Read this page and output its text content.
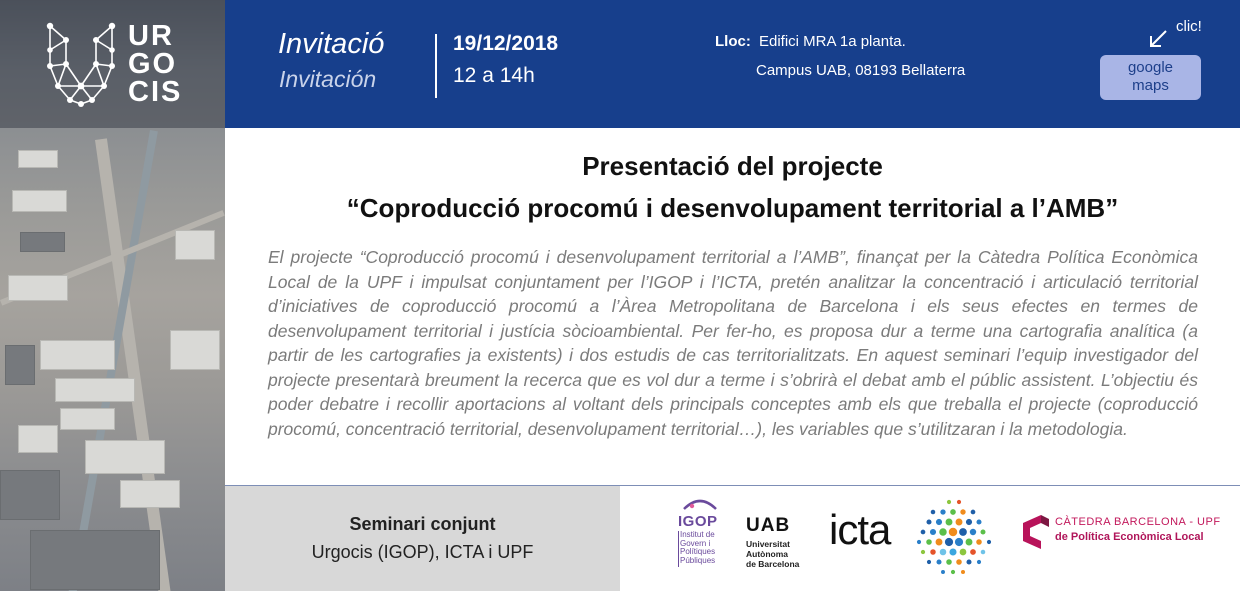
UR
GO
CIS
Invitació
Invitación
19/12/2018
12 a 14h
Lloc: Edifici MRA 1a planta.
Campus UAB, 08193 Bellaterra
clic!
google
maps
Presentació del projecte
“Coproducció procomú i desenvolupament territorial a l’AMB”
El projecte “Coproducció procomú i desenvolupament territorial a l’AMB”, finançat per la Càtedra Política Econòmica Local de la UPF i impulsat conjuntament per l’IGOP i l’ICTA, pretén analitzar la concentració i articulació territorial d’iniciatives de coproducció procomú a l’Àrea Metropolitana de Barcelona i els seus efectes en termes de desenvolupament territorial i justícia sòcioambiental. Per fer-ho, es proposa dur a terme una cartografia analítica (a partir de les cartografies ja existents) i dos estudis de cas territorialitzats. En aquest seminari l’equip investigador del projecte presentarà breument la recerca que es vol dur a terme i s’obrirà el debat amb el públic assistent. L’objectiu és poder debatre i recollir aportacions al voltant dels principals conceptes amb els que treballa el projecte (coproducció procomú, concentració territorial, desenvolupament territorial…), les variables que s’utilitzaran i la metodologia.
Seminari conjunt
Urgocis (IGOP), ICTA i UPF
IGOP
Institut de
Govern i
Polítiques
Públiques
UAB
Universitat
Autònoma
de Barcelona
icta	CÀTEDRA BARCELONA - UPF
de Política Econòmica Local
